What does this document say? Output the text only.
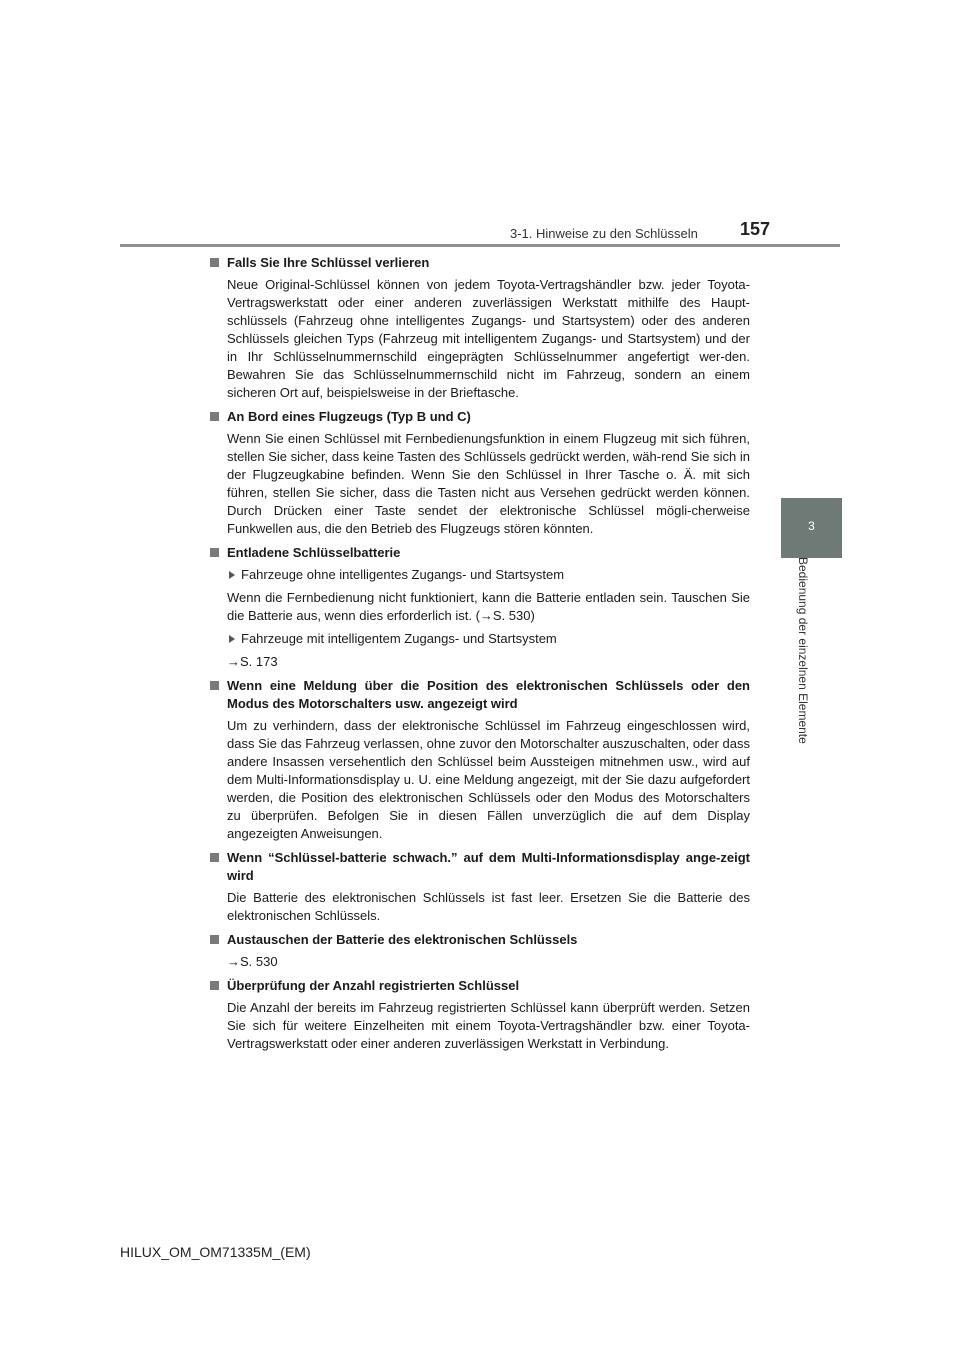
3-1. Hinweise zu den Schlüsseln 157
3
Bedienung der einzelnen Elemente
Falls Sie Ihre Schlüssel verlieren
Neue Original-Schlüssel können von jedem Toyota-Vertragshändler bzw. jeder Toyota-Vertragswerkstatt oder einer anderen zuverlässigen Werkstatt mithilfe des Haupt-schlüssels (Fahrzeug ohne intelligentes Zugangs- und Startsystem) oder des anderen Schlüssels gleichen Typs (Fahrzeug mit intelligentem Zugangs- und Startsystem) und der in Ihr Schlüsselnummernschild eingeprägten Schlüsselnummer angefertigt wer-den. Bewahren Sie das Schlüsselnummernschild nicht im Fahrzeug, sondern an einem sicheren Ort auf, beispielsweise in der Brieftasche.
An Bord eines Flugzeugs (Typ B und C)
Wenn Sie einen Schlüssel mit Fernbedienungsfunktion in einem Flugzeug mit sich führen, stellen Sie sicher, dass keine Tasten des Schlüssels gedrückt werden, wäh-rend Sie sich in der Flugzeugkabine befinden. Wenn Sie den Schlüssel in Ihrer Tasche o. Ä. mit sich führen, stellen Sie sicher, dass die Tasten nicht aus Versehen gedrückt werden können. Durch Drücken einer Taste sendet der elektronische Schlüssel mögli-cherweise Funkwellen aus, die den Betrieb des Flugzeugs stören könnten.
Entladene Schlüsselbatterie
Fahrzeuge ohne intelligentes Zugangs- und Startsystem
Wenn die Fernbedienung nicht funktioniert, kann die Batterie entladen sein. Tauschen Sie die Batterie aus, wenn dies erforderlich ist. (→S. 530)
Fahrzeuge mit intelligentem Zugangs- und Startsystem
→S. 173
Wenn eine Meldung über die Position des elektronischen Schlüssels oder den Modus des Motorschalters usw. angezeigt wird
Um zu verhindern, dass der elektronische Schlüssel im Fahrzeug eingeschlossen wird, dass Sie das Fahrzeug verlassen, ohne zuvor den Motorschalter auszuschalten, oder dass andere Insassen versehentlich den Schlüssel beim Aussteigen mitnehmen usw., wird auf dem Multi-Informationsdisplay u. U. eine Meldung angezeigt, mit der Sie dazu aufgefordert werden, die Position des elektronischen Schlüssels oder den Modus des Motorschalters zu überprüfen. Befolgen Sie in diesen Fällen unverzüglich die auf dem Display angezeigten Anweisungen.
Wenn “Schlüssel-batterie schwach.” auf dem Multi-Informationsdisplay ange-zeigt wird
Die Batterie des elektronischen Schlüssels ist fast leer. Ersetzen Sie die Batterie des elektronischen Schlüssels.
Austauschen der Batterie des elektronischen Schlüssels
→S. 530
Überprüfung der Anzahl registrierten Schlüssel
Die Anzahl der bereits im Fahrzeug registrierten Schlüssel kann überprüft werden. Setzen Sie sich für weitere Einzelheiten mit einem Toyota-Vertragshändler bzw. einer Toyota-Vertragswerkstatt oder einer anderen zuverlässigen Werkstatt in Verbindung.
HILUX_OM_OM71335M_(EM)
